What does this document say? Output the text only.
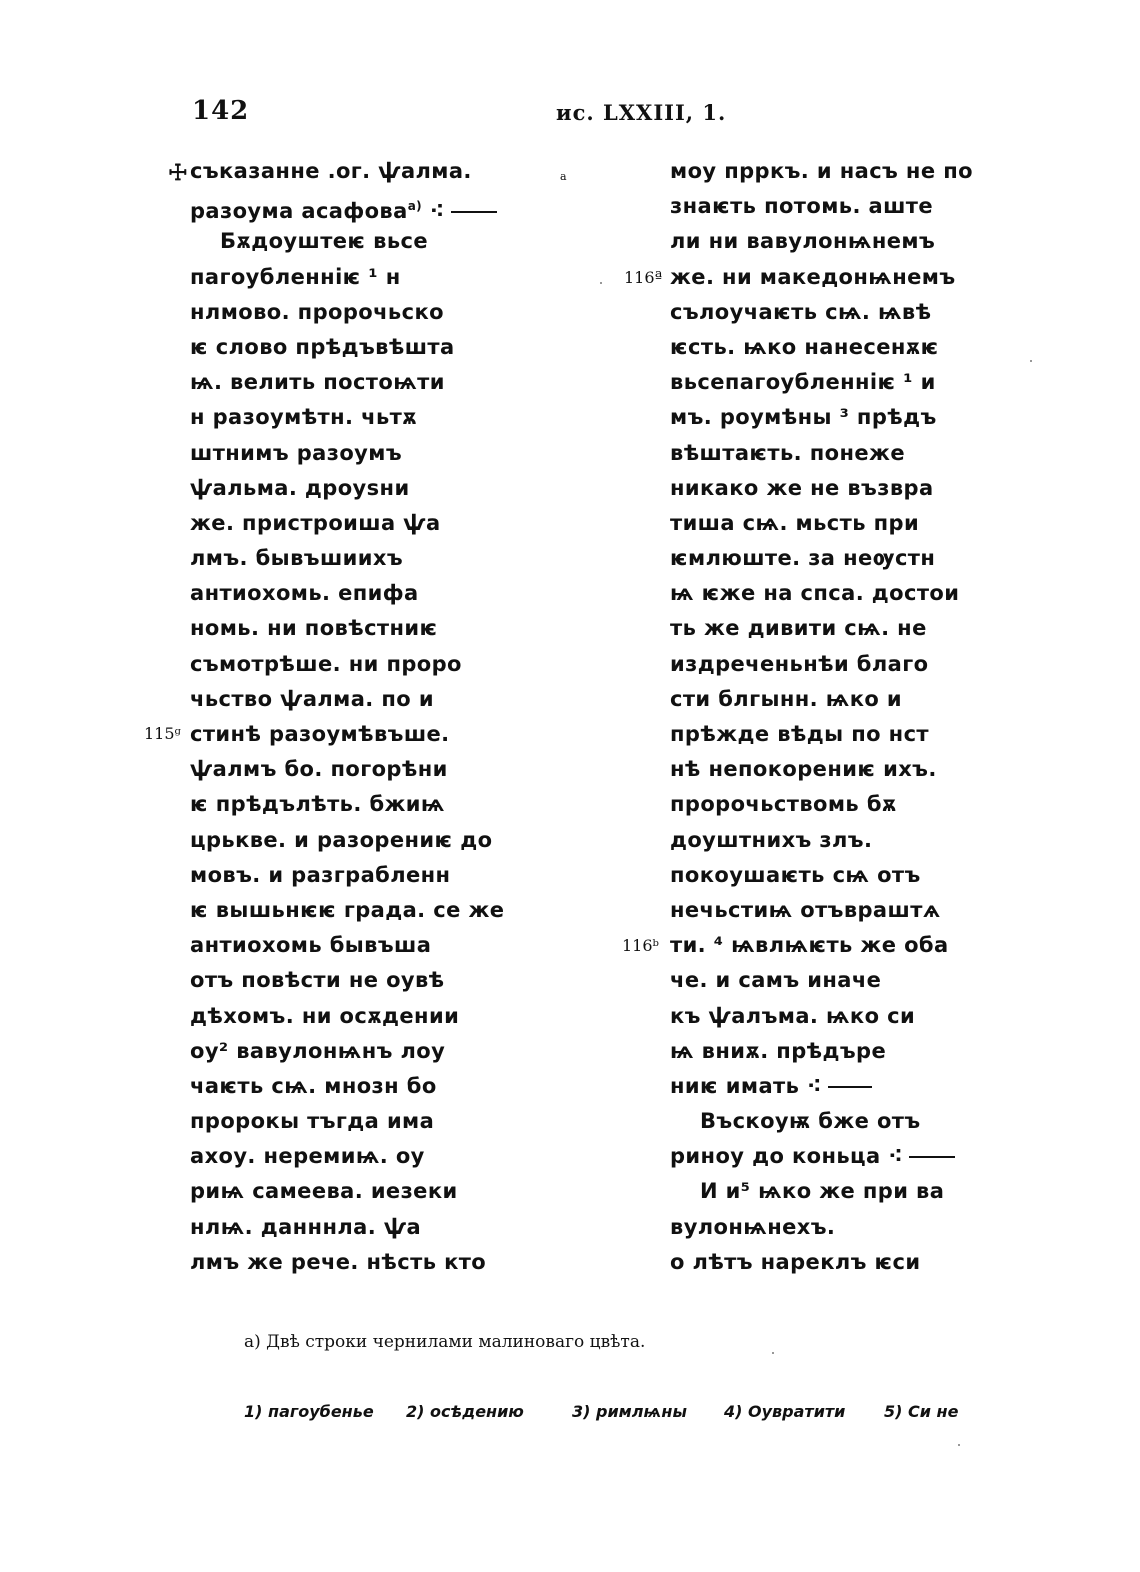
142	ис. LXXIII, 1.
☩	а
съказанне .ог. ѱалма.
разоума асафова$^{а)}$ ⁖
Бѫдоуштеѥ вьсе
пагоубленніѥ ¹ н
нлмово. пророчьско
ѥ слово прѣдъвѣшта
ѩ. велить постоѩти
н разоумѣтн. чьтѫ
штнимъ разоумъ
ѱальма. дроуѕни
же. пристроиша ѱа
лмъ. бывъшиихъ
антиохомь. епифа
номь. ни повѣстниѥ
съмотрѣше. ни проро
чьство ѱалма. по и
стинѣ разоумѣвъше.
ѱалмъ бо. погорѣни
ѥ прѣдълѣть. бжиѩ
црькве. и разорениѥ до
мовъ. и разграбленн
ѥ вышьнѥѥ града. се же
антиохомь бывъша
отъ повѣсти не оувѣ
дѣхомъ. ни осѫдении
оу² вавулонѩнъ лоу
чаѥть сѩ. мнозн бо
пророкы тъгда има
ахоу. неремиѩ. оу
риѩ самеева. иезеки
нлѩ. данннла. ѱа
лмъ же рече. нѣсть кто
моу прркъ. и насъ не по
знаѥть потомь. аште
ли ни вавулонѩнемъ
же. ни македонѩнемъ
сълоучаѥть сѩ. ѩвѣ
ѥсть. ѩко нанесенѫѥ
вьсепагоубленніѥ ¹ и
мъ. роумѣны ³ прѣдъ
вѣштаѥть. понеже
никако же не възвра
тиша сѩ. мьсть при
ѥмлюште. за неѹстн
ѩ ѥже на спса. достои
ть же дивити сѩ. не
издреченьнѣи благо
сти блгынн. ѩко и
прѣжде вѣды по нст
нѣ непокорениѥ ихъ.
пророчьствомь бѫ
доуштнихъ злъ.
покоушаѥть сѩ отъ
нечьстиѩ отъвраштѧ
ти. ⁴ ѩвлѩѥть же оба
че. и самъ иначе
къ ѱалъма. ѩко си
ѩ вниѫ. прѣдъре
ниѥ имать ⁖
Въскоуѭ бже отъ
риноу до коньца ⁖
И и⁵ ѩко же при ва
вулонѩнехъ.
о лѣтъ нареклъ ѥси
115ᵍ
116ª
116ᵇ
а) Двѣ строки чернилами малиноваго цвѣта.
1) пагоубенье 2) осѣдению	3) римлѩны 4) Оувратити 5) Си не
